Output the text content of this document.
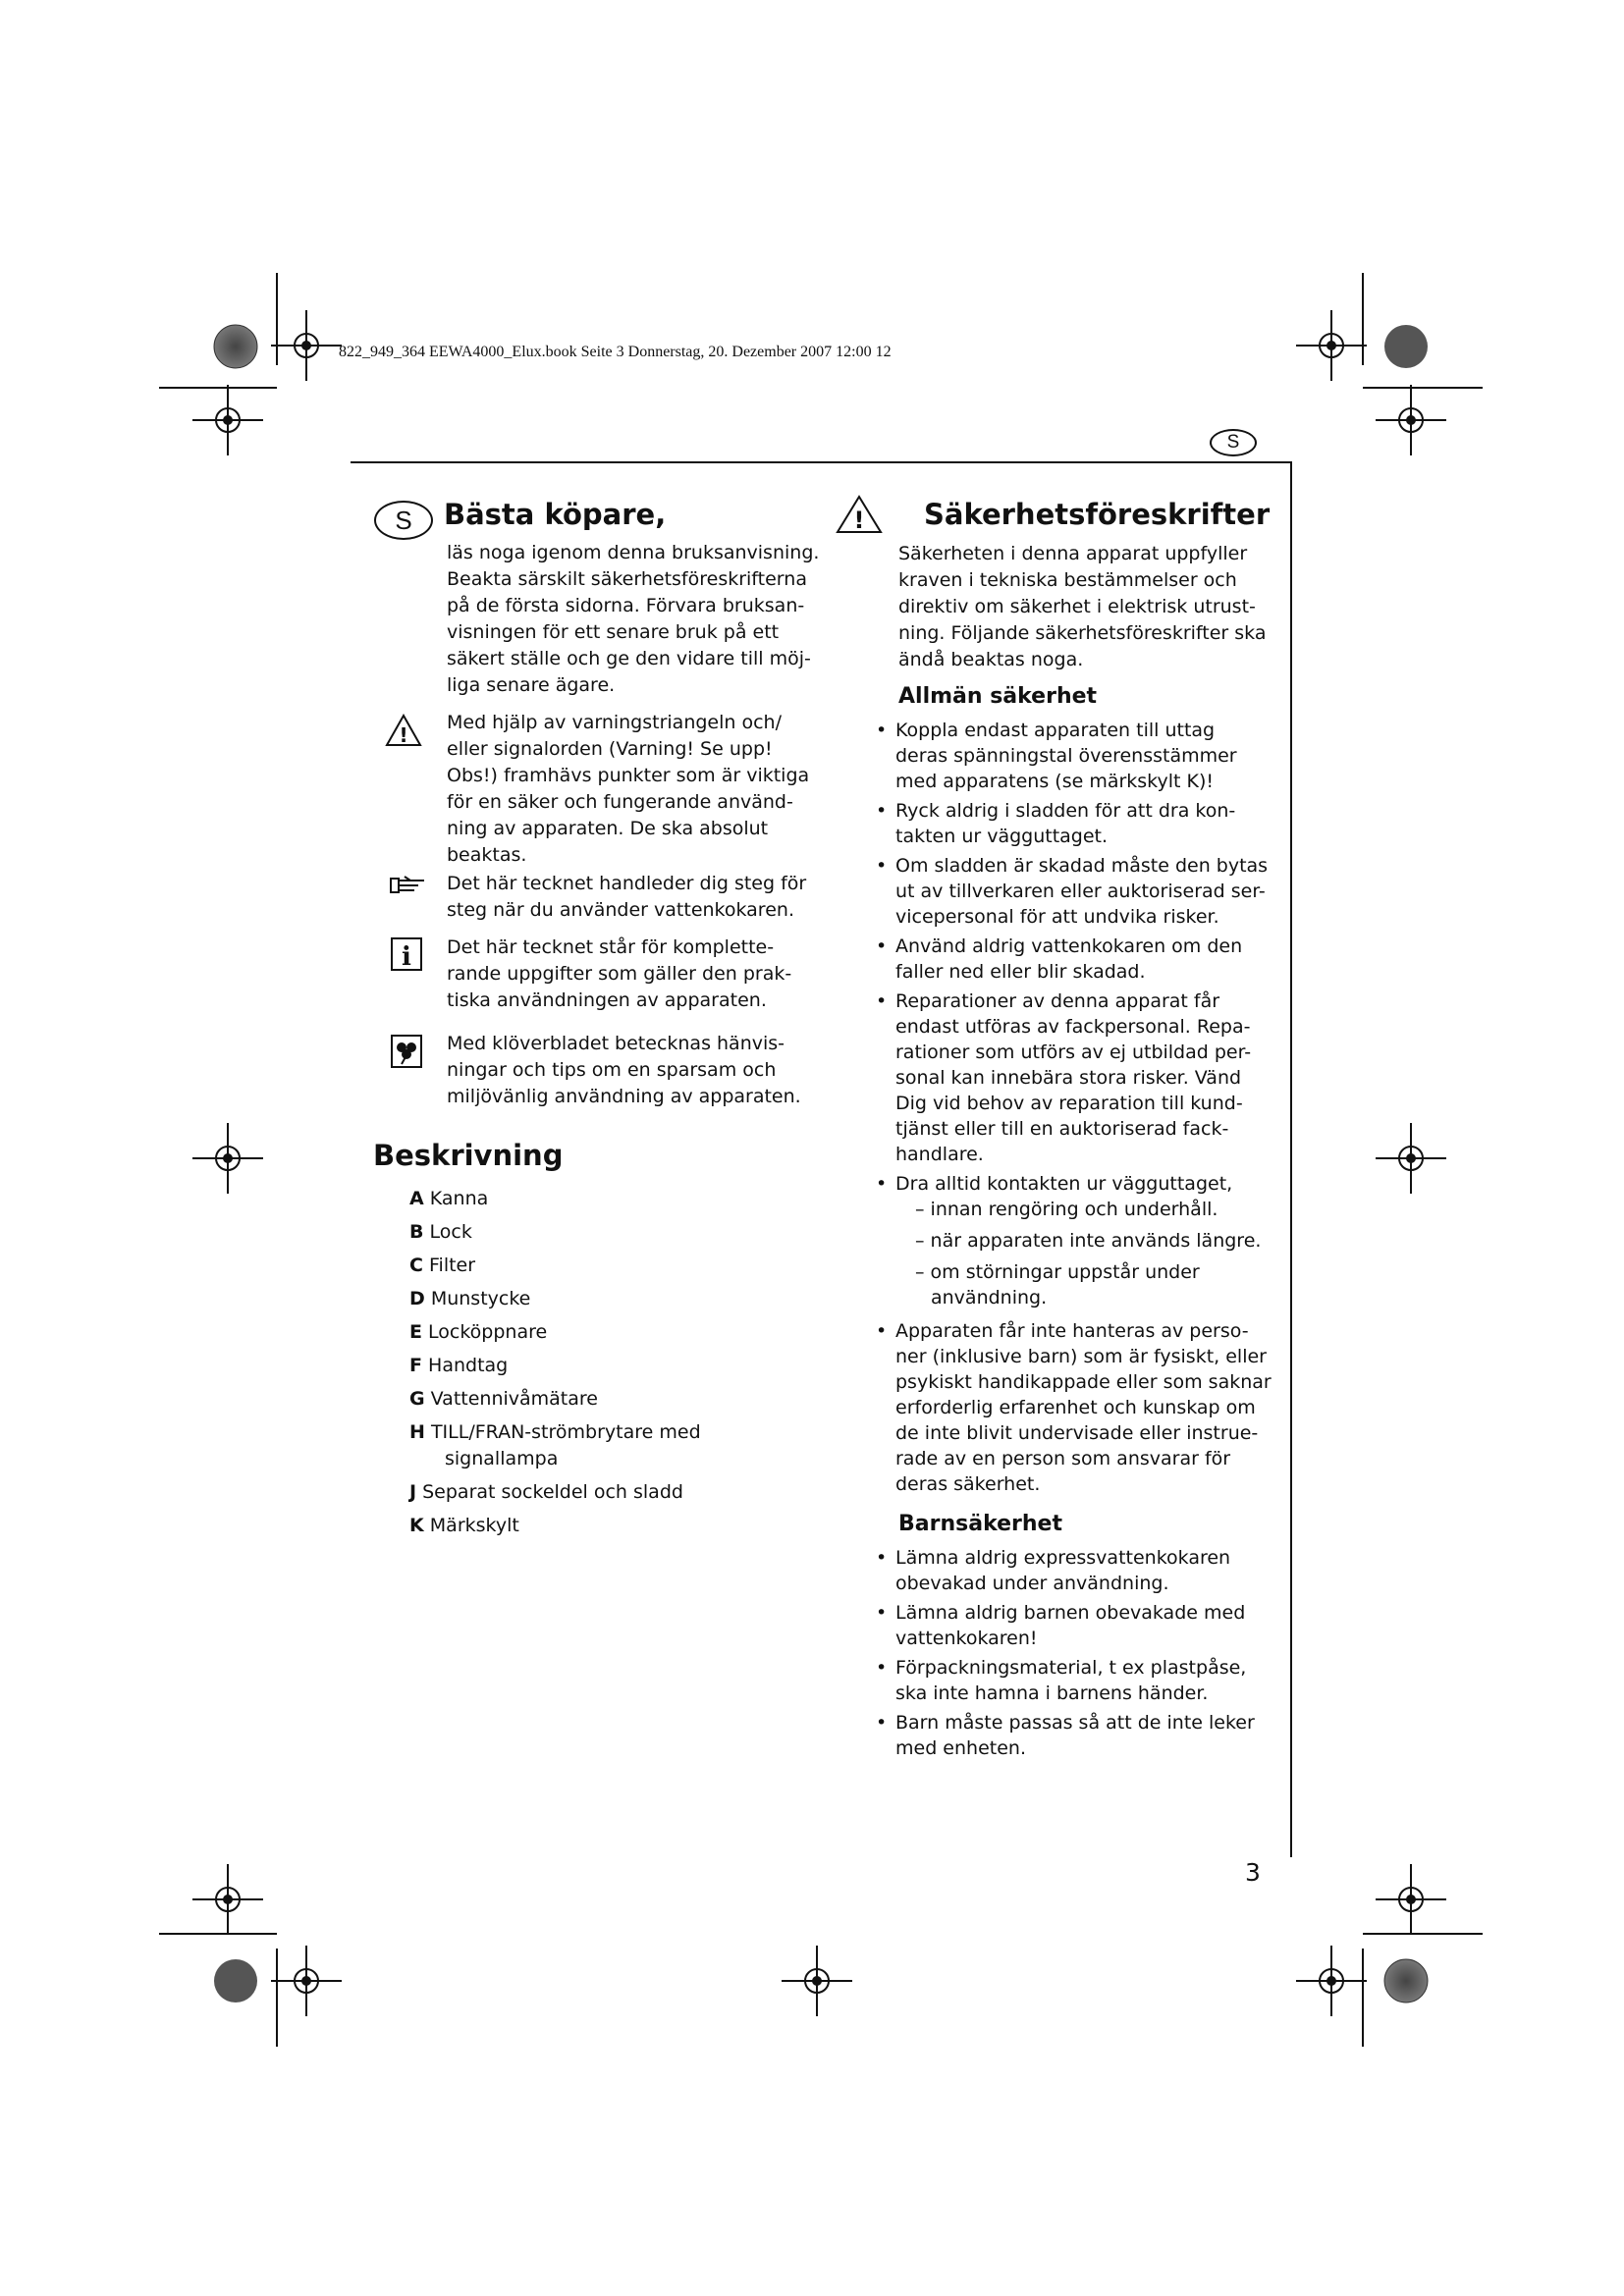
822_949_364 EEWA4000_Elux.book Seite 3 Donnerstag, 20. Dezember 2007 12:00 12
S
S	Bästa köpare,
läs noga igenom denna bruksanvisning.
Beakta särskilt säkerhetsföreskrifterna
på de första sidorna. Förvara bruksan-
visningen för ett senare bruk på ett
säkert ställe och ge den vidare till möj-
liga senare ägare.
!
Med hjälp av varningstriangeln och/
eller signalorden (Varning! Se upp!
Obs!) framhävs punkter som är viktiga
för en säker och fungerande använd-
ning av apparaten. De ska absolut
beaktas.
Det här tecknet handleder dig steg för
steg när du använder vattenkokaren.
i Det här tecknet står för komplette-
rande uppgifter som gäller den prak-
tiska användningen av apparaten.
Med klöverbladet betecknas hänvis-
ningar och tips om en sparsam och
miljövänlig användning av apparaten.
Beskrivning
A Kanna
B Lock
C Filter
D Munstycke
E Locköppnare
F Handtag
G Vattennivåmätare
H TILL/FRAN-strömbrytare med
signallampa
J Separat sockeldel och sladd
K Märkskylt
! Säkerhetsföreskrifter
Säkerheten i denna apparat uppfyller
kraven i tekniska bestämmelser och
direktiv om säkerhet i elektrisk utrust-
ning. Följande säkerhetsföreskrifter ska
ändå beaktas noga.
Allmän säkerhet
• Koppla endast apparaten till uttag
deras spänningstal överensstämmer
med apparatens (se märkskylt K)!
• Ryck aldrig i sladden för att dra kon-
takten ur vägguttaget.
• Om sladden är skadad måste den bytas
ut av tillverkaren eller auktoriserad ser-
vicepersonal för att undvika risker.
• Använd aldrig vattenkokaren om den
faller ned eller blir skadad.
• Reparationer av denna apparat får
endast utföras av fackpersonal. Repa-
rationer som utförs av ej utbildad per-
sonal kan innebära stora risker. Vänd
Dig vid behov av reparation till kund-
tjänst eller till en auktoriserad fack-
handlare.
• Dra alltid kontakten ur vägguttaget,
– innan rengöring och underhåll.
– när apparaten inte används längre.
– om störningar uppstår under
användning.
• Apparaten får inte hanteras av perso-
ner (inklusive barn) som är fysiskt, eller
psykiskt handikappade eller som saknar
erforderlig erfarenhet och kunskap om
de inte blivit undervisade eller instrue-
rade av en person som ansvarar för
deras säkerhet.
Barnsäkerhet
• Lämna aldrig expressvattenkokaren
obevakad under användning.
• Lämna aldrig barnen obevakade med
vattenkokaren!
• Förpackningsmaterial, t ex plastpåse,
ska inte hamna i barnens händer.
• Barn måste passas så att de inte leker
med enheten.
3
